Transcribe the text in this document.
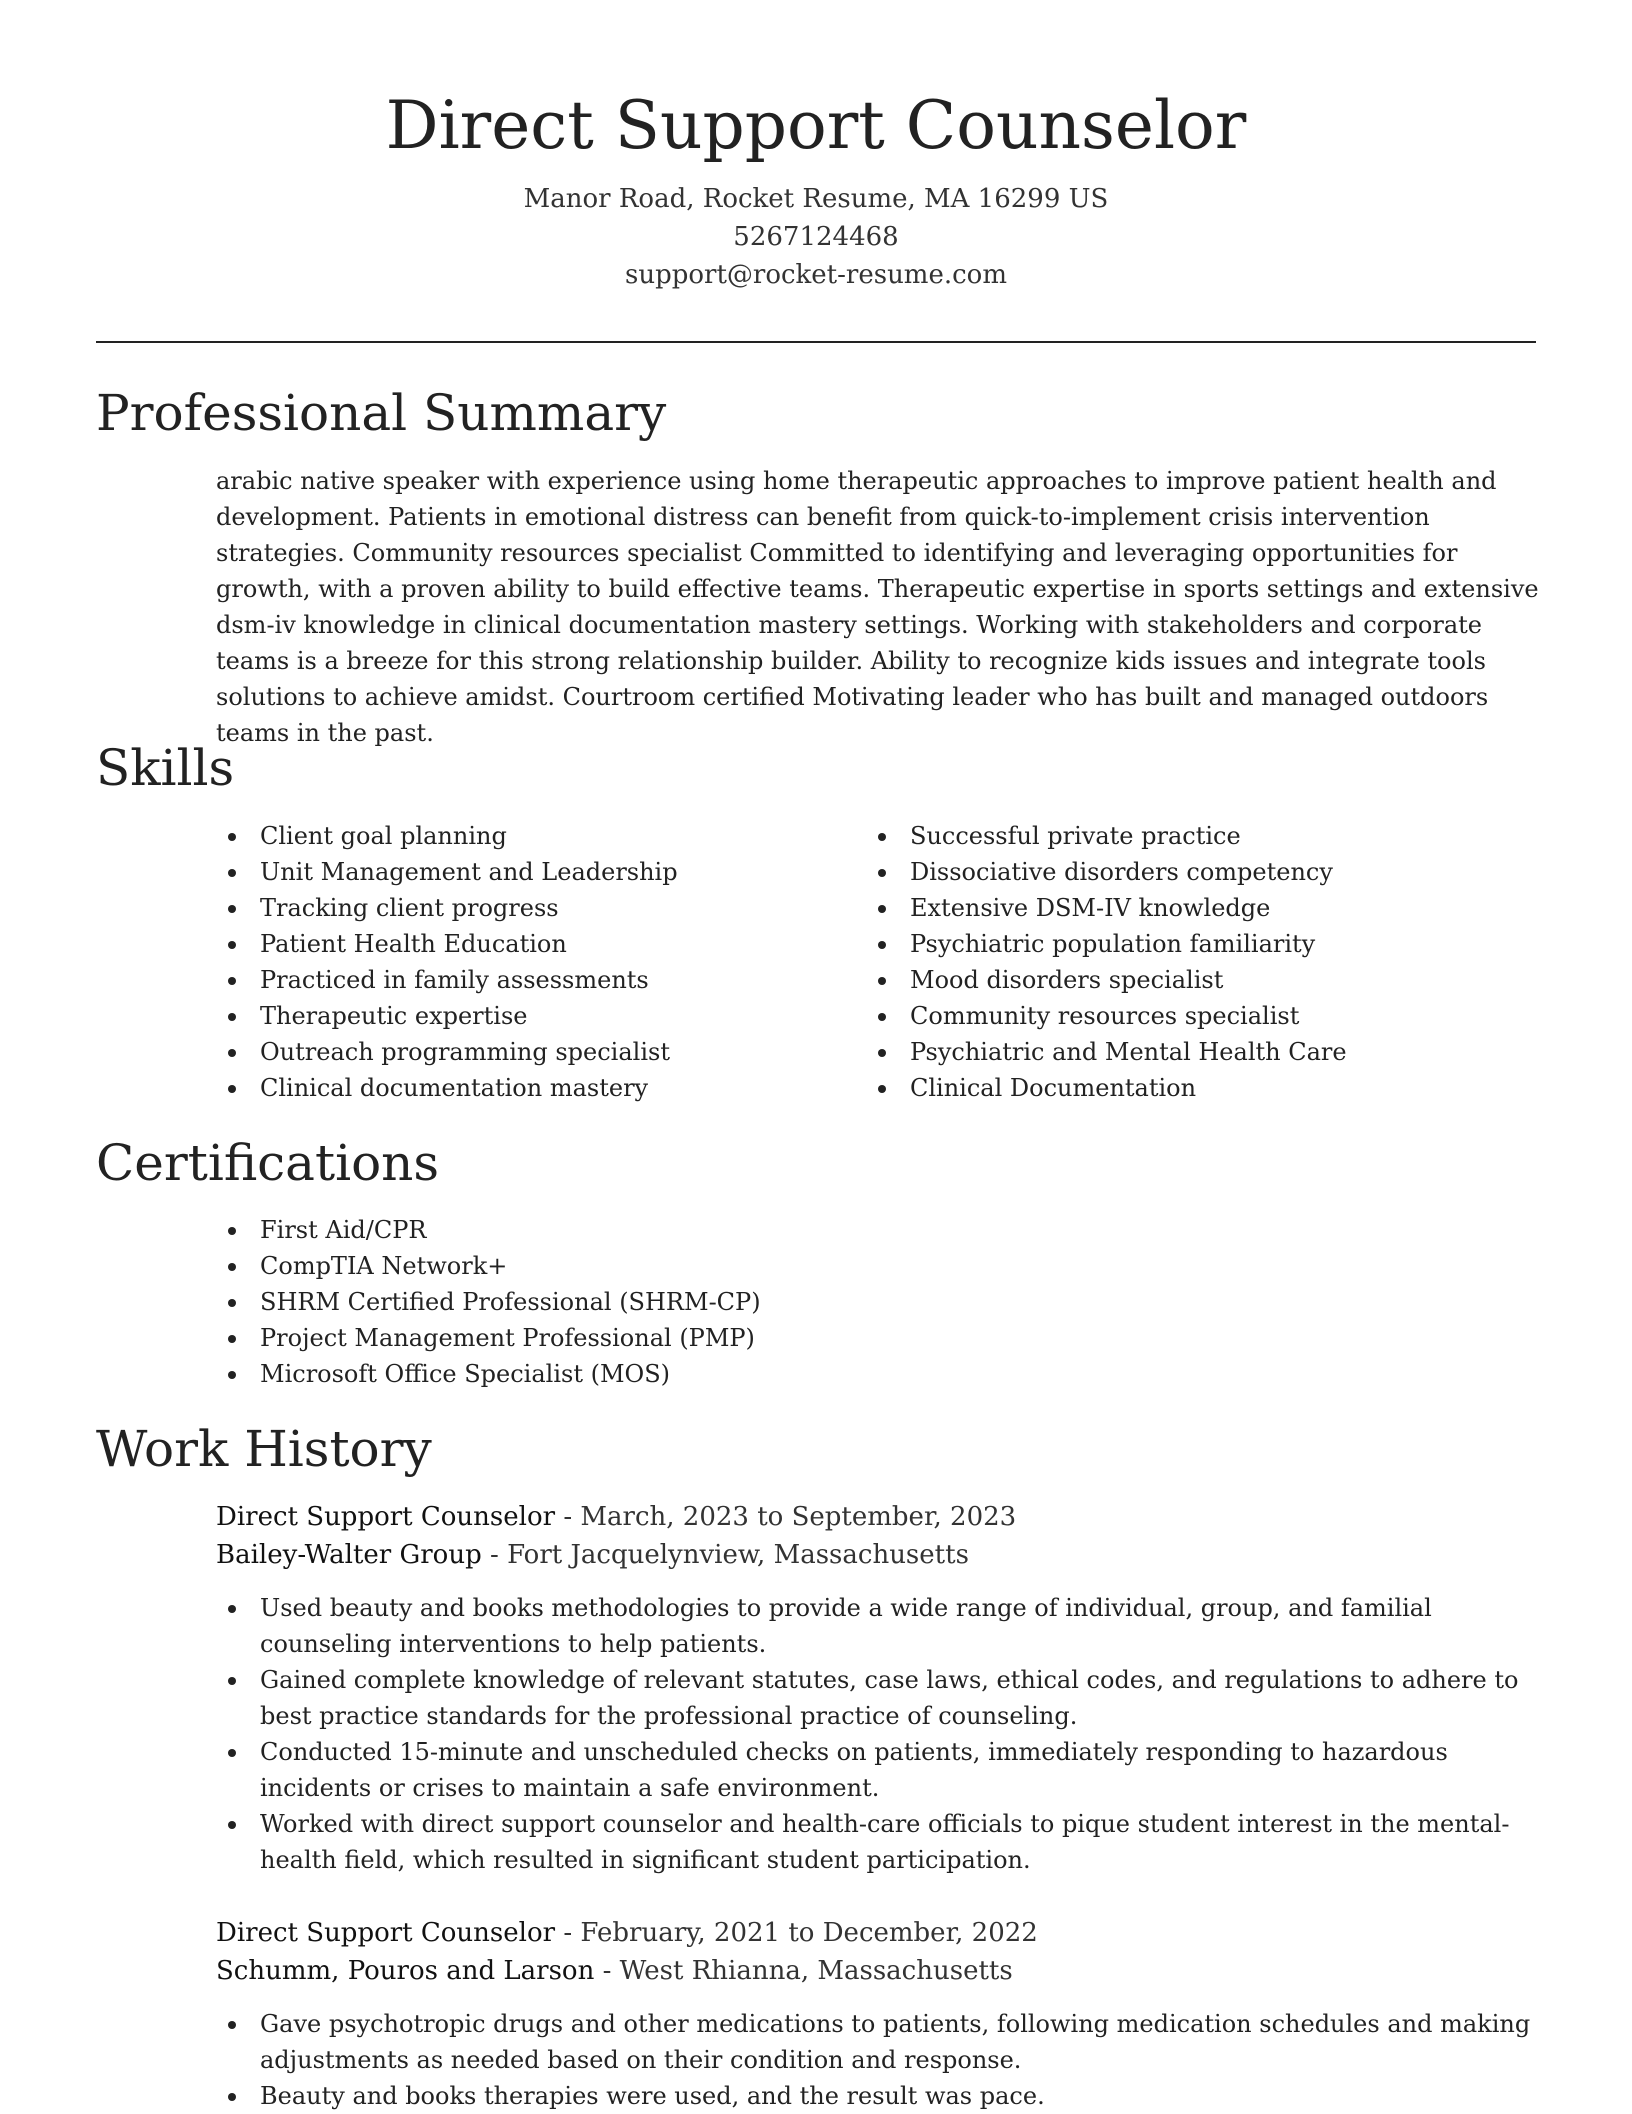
Direct Support Counselor
Manor Road, Rocket Resume, MA 16299 US
5267124468
support@rocket-resume.com
Professional Summary

arabic native speaker with experience using home therapeutic approaches to improve patient health and development. Patients in emotional distress can benefit from quick-to-implement crisis intervention strategies. Community resources specialist Committed to identifying and leveraging opportunities for growth, with a proven ability to build effective teams. Therapeutic expertise in sports settings and extensive dsm-iv knowledge in clinical documentation mastery settings. Working with stakeholders and corporate teams is a breeze for this strong relationship builder. Ability to recognize kids issues and integrate tools solutions to achieve amidst. Courtroom certified Motivating leader who has built and managed outdoors teams in the past.

Skills
Client goal planning
Unit Management and Leadership
Tracking client progress
Patient Health Education
Practiced in family assessments
Therapeutic expertise
Outreach programming specialist
Clinical documentation mastery
Successful private practice
Dissociative disorders competency
Extensive DSM-IV knowledge
Psychiatric population familiarity
Mood disorders specialist
Community resources specialist
Psychiatric and Mental Health Care
Clinical Documentation
Certifications
First Aid/CPR
CompTIA Network+
SHRM Certified Professional (SHRM-CP)
Project Management Professional (PMP)
Microsoft Office Specialist (MOS)
Work History
Direct Support Counselor - March, 2023 to September, 2023
Bailey-Walter Group - Fort Jacquelynview, Massachusetts
Used beauty and books methodologies to provide a wide range of individual, group, and familial counseling interventions to help patients.
Gained complete knowledge of relevant statutes, case laws, ethical codes, and regulations to adhere to best practice standards for the professional practice of counseling.
Conducted 15-minute and unscheduled checks on patients, immediately responding to hazardous incidents or crises to maintain a safe environment.
Worked with direct support counselor and health-care officials to pique student interest in the mental-health field, which resulted in significant student participation.
Direct Support Counselor - February, 2021 to December, 2022
Schumm, Pouros and Larson - West Rhianna, Massachusetts
Gave psychotropic drugs and other medications to patients, following medication schedules and making adjustments as needed based on their condition and response.
Beauty and books therapies were used, and the result was pace.
